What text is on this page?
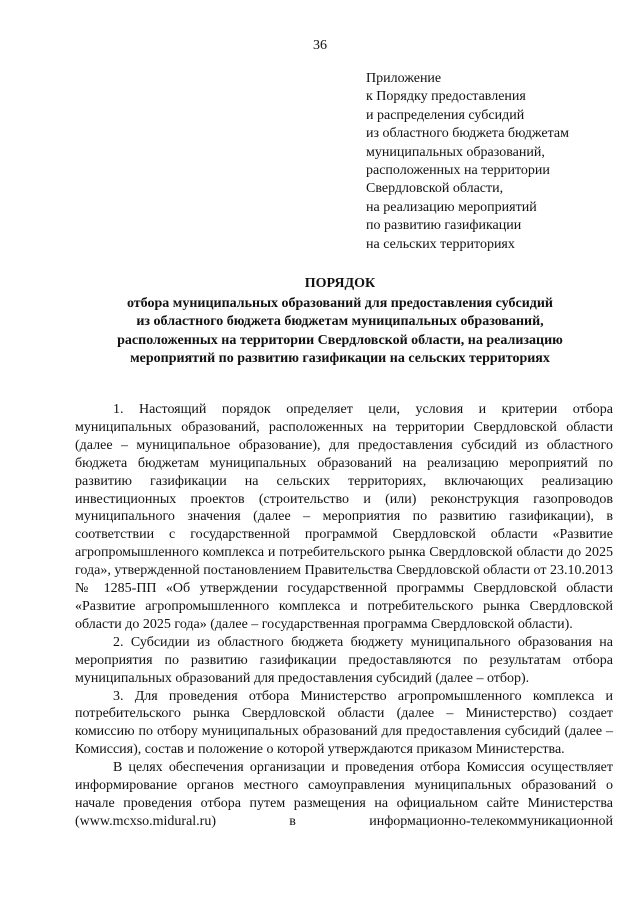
36
Приложение
к Порядку предоставления
и распределения субсидий
из областного бюджета бюджетам
муниципальных образований,
расположенных на территории
Свердловской области,
на реализацию мероприятий
по развитию газификации
на сельских территориях
ПОРЯДОК
отбора муниципальных образований для предоставления субсидий
из областного бюджета бюджетам муниципальных образований,
расположенных на территории Свердловской области, на реализацию
мероприятий по развитию газификации на сельских территориях

1. Настоящий порядок определяет цели, условия и критерии отбора муниципальных образований, расположенных на территории Свердловской области (далее – муниципальное образование), для предоставления субсидий из областного бюджета бюджетам муниципальных образований на реализацию мероприятий по развитию газификации на сельских территориях, включающих реализацию инвестиционных проектов (строительство и (или) реконструкция газопроводов муниципального значения (далее – мероприятия по развитию газификации), в соответствии с государственной программой Свердловской области «Развитие агропромышленного комплекса и потребительского рынка Свердловской области до 2025 года», утвержденной постановлением Правительства Свердловской области от 23.10.2013 № 1285-ПП «Об утверждении государственной программы Свердловской области «Развитие агропромышленного комплекса и потребительского рынка Свердловской области до 2025 года» (далее – государственная программа Свердловской области).

2. Субсидии из областного бюджета бюджету муниципального образования на мероприятия по развитию газификации предоставляются по результатам отбора муниципальных образований для предоставления субсидий (далее – отбор).

3. Для проведения отбора Министерство агропромышленного комплекса и потребительского рынка Свердловской области (далее – Министерство) создает комиссию по отбору муниципальных образований для предоставления субсидий (далее – Комиссия), состав и положение о которой утверждаются приказом Министерства.

В целях обеспечения организации и проведения отбора Комиссия осуществляет информирование органов местного самоуправления муниципальных образований о начале проведения отбора путем размещения на официальном сайте Министерства (www.mcxso.midural.ru) в информационно-телекоммуникационной
